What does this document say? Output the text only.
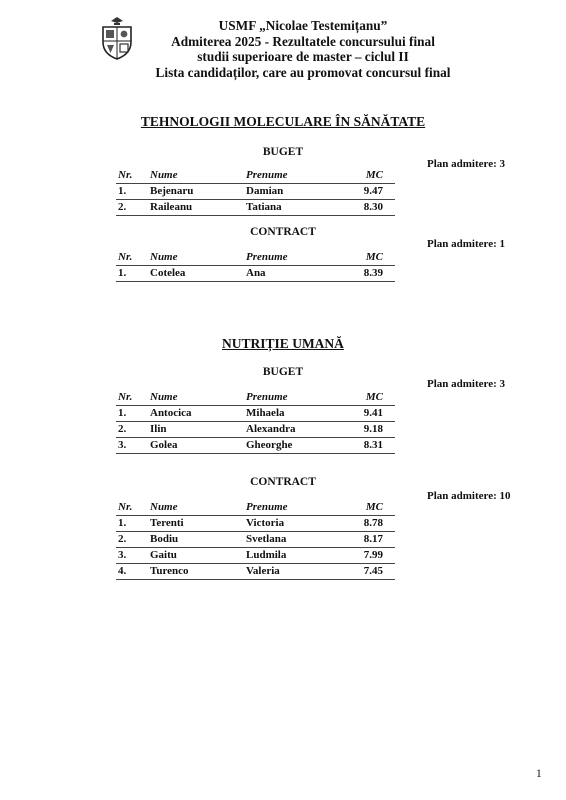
USMF „Nicolae Testemițanu”
Admiterea 2025 - Rezultatele concursului final
studii superioare de master – ciclul II
Lista candidaților, care au promovat concursul final
TEHNOLOGII MOLECULARE ÎN SĂNĂTATE
BUGET
Plan admitere: 3
Nr. Nume	Prenume	MC
1. Bejenaru	Damian	9.47
2. Raileanu	Tatiana	8.30
CONTRACT
Plan admitere: 1
Nr. Nume	Prenume	MC
1. Cotelea	Ana	8.39
NUTRIȚIE UMANĂ
BUGET
Plan admitere: 3
Nr. Nume	Prenume	MC
1. Antocica	Mihaela	9.41
2. Ilin	Alexandra	9.18
3. Golea	Gheorghe	8.31
CONTRACT
Plan admitere: 10
Nr. Nume	Prenume	MC
1. Terenti	Victoria	8.78
2. Bodiu	Svetlana	8.17
3. Gaitu	Ludmila	7.99
4. Turenco	Valeria	7.45
1
